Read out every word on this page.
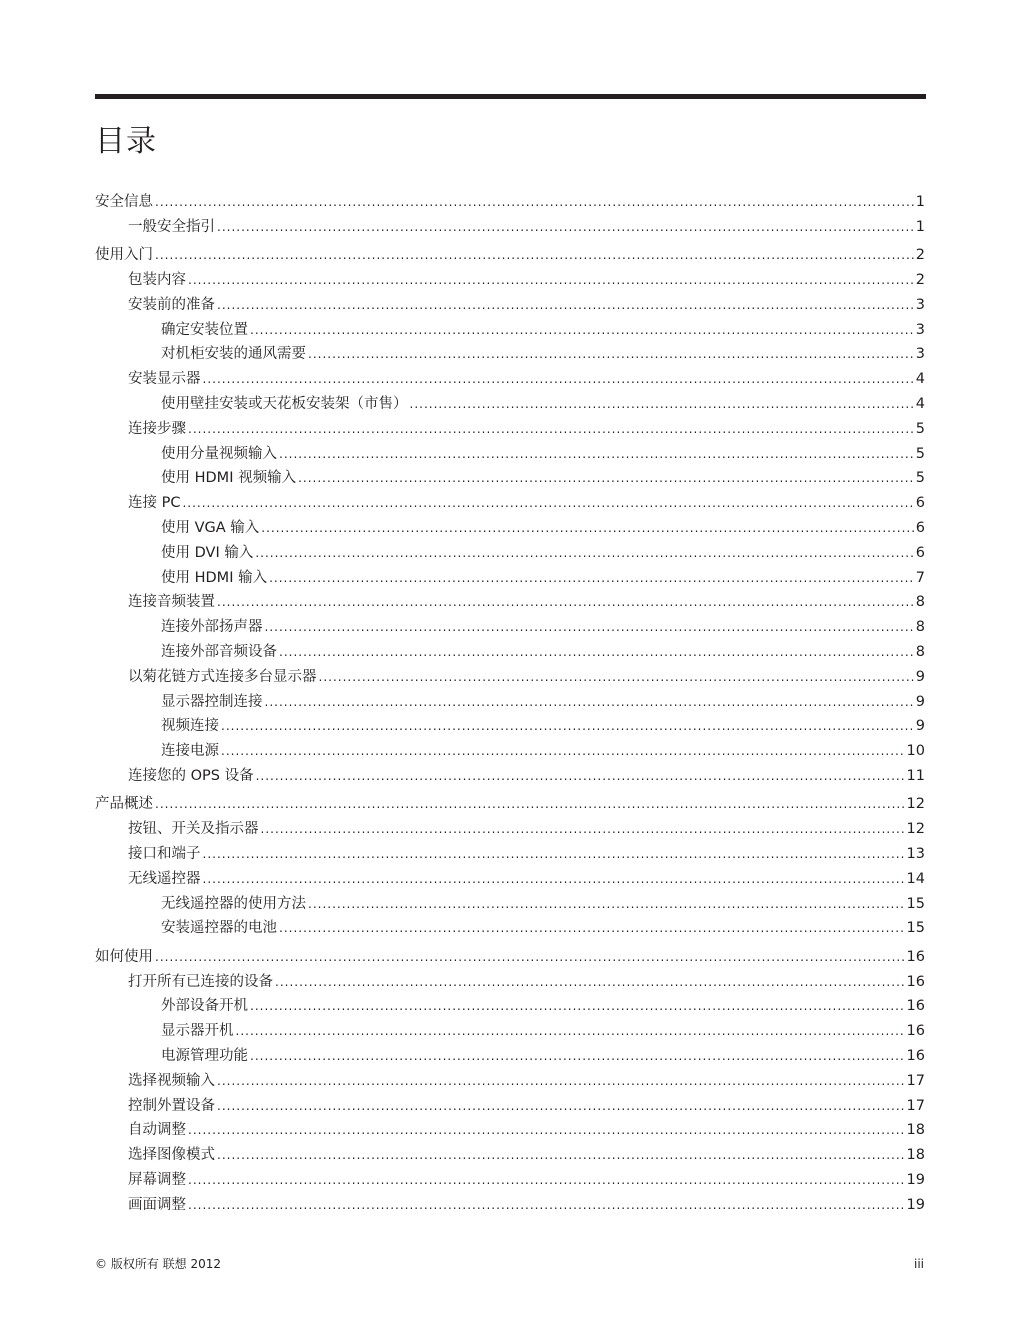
目录
安全信息 .....	1
一般安全指引 .....	1
使用入门 .....	2
包装内容 .....	2
安装前的准备 .....	3
确定安装位置 .....	3
对机柜安装的通风需要 .....	3
安装显示器 .....	4
使用壁挂安装或天花板安装架（市售） .....	4
连接步骤 .....	5
使用分量视频输入 .....	5
使用 HDMI 视频输入 .....	5
连接 PC .....	6
使用 VGA 输入 .....	6
使用 DVI 输入 .....	6
使用 HDMI 输入 .....	7
连接音频装置 .....	8
连接外部扬声器 .....	8
连接外部音频设备 .....	8
以菊花链方式连接多台显示器 .....	9
显示器控制连接 .....	9
视频连接 .....	9
连接电源 .....	10
连接您的 OPS 设备 .....	11
产品概述 .....	12
按钮、开关及指示器 .....	12
接口和端子 .....	13
无线遥控器 .....	14
无线遥控器的使用方法 .....	15
安装遥控器的电池 .....	15
如何使用 .....	16
打开所有已连接的设备 .....	16
外部设备开机 .....	16
显示器开机 .....	16
电源管理功能 .....	16
选择视频输入 .....	17
控制外置设备 .....	17
自动调整 .....	18
选择图像模式 .....	18
屏幕调整 .....	19
画面调整 .....	19
© 版权所有 联想 2012	iii
